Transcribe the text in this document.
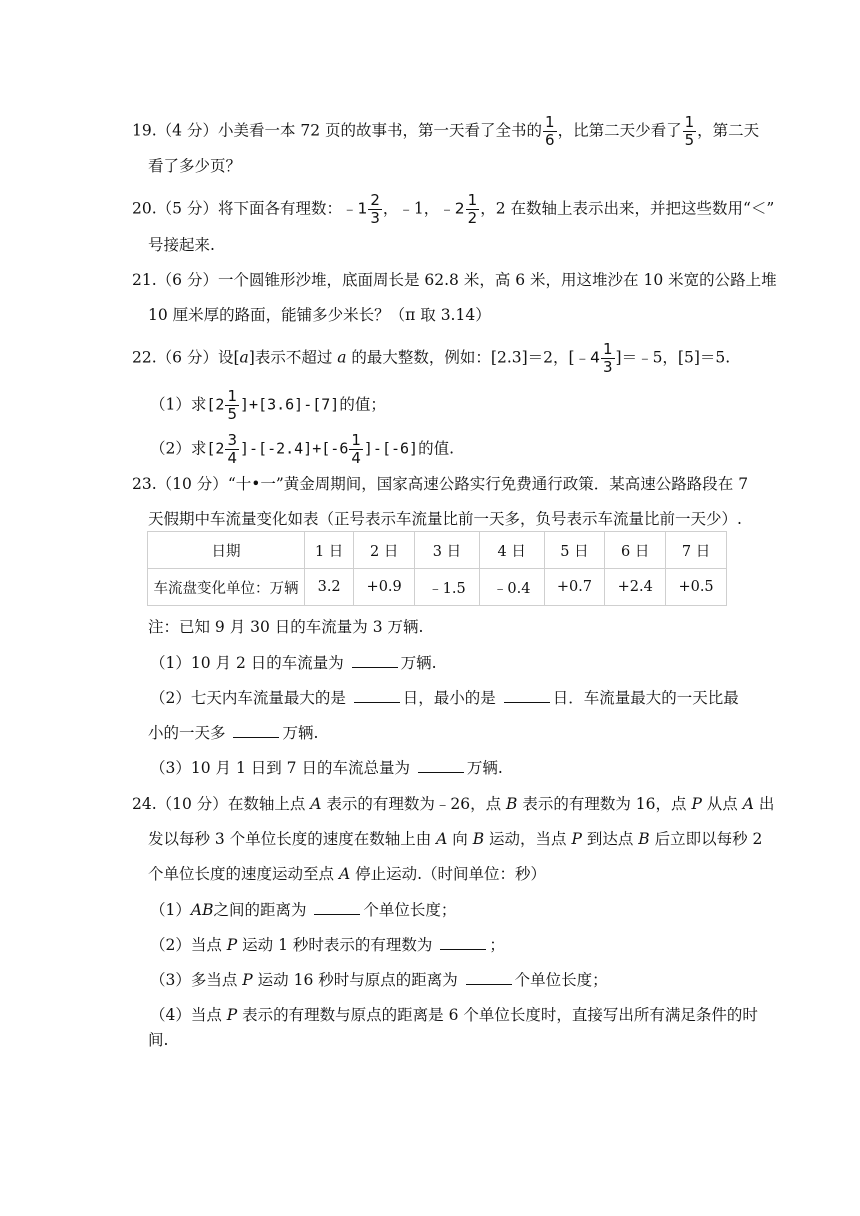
19.（4 分）小美看一本 72 页的故事书，第一天看了全书的 $\frac{1}{6}$ ，比第二天少看了 $\frac{1}{5}$ ，第二天
看了多少页？
20.（5 分）将下面各有理数：﹣1 $\frac{2}{3}$ ，﹣1，﹣2 $\frac{1}{2}$ ，2 在数轴上表示出来，并把这些数用“＜”
号接起来.
21.（6 分）一个圆锥形沙堆，底面周长是 62.8 米，高 6 米，用这堆沙在 10 米宽的公路上堆
10 厘米厚的路面，能铺多少米长？（π 取 3.14）
22.（6 分）设[a]表示不超过 a 的最大整数，例如：[2.3]＝2，[﹣4 $\frac{1}{3}$ ]＝﹣5，[5]＝5.
（1）求$[2 \frac{1}{5} ]+[3.6]-[7]$的值；
（2）求$[2 \frac{3}{4} ]-[-2.4]+[-6 \frac{1}{4} ]-[-6]$的值.
23.（10 分）“十•一”黄金周期间，国家高速公路实行免费通行政策．某高速公路路段在 7
天假期中车流量变化如表（正号表示车流量比前一天多，负号表示车流量比前一天少）.
日期	1 日	2 日	3 日	4 日	5 日	6 日	7 日
车流盘变化单位：万辆	3.2	+0.9	﹣1.5	﹣0.4	+0.7	+2.4	+0.5
注：已知 9 月 30 日的车流量为 3 万辆.
（1）10 月 2 日的车流量为	万辆.
（2）七天内车流量最大的是	日，最小的是	日．车流量最大的一天比最
小的一天多	万辆.
（3）10 月 1 日到 7 日的车流总量为	万辆.
24.（10 分）在数轴上点 A 表示的有理数为﹣26，点 B 表示的有理数为 16，点 P 从点 A 出
发以每秒 3 个单位长度的速度在数轴上由 A 向 B 运动，当点 P 到达点 B 后立即以每秒 2
个单位长度的速度运动至点 A 停止运动.（时间单位：秒）
（1）AB之间的距离为	个单位长度；
（2）当点 P 运动 1 秒时表示的有理数为	；
（3）多当点 P 运动 16 秒时与原点的距离为	个单位长度；
（4）当点 P 表示的有理数与原点的距离是 6 个单位长度时，直接写出所有满足条件的时
间.
